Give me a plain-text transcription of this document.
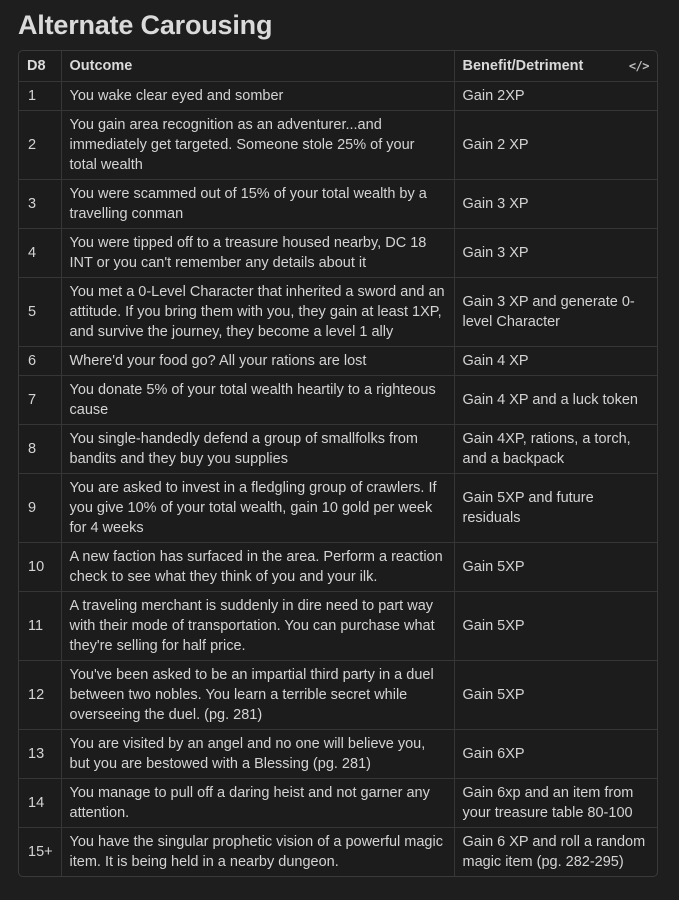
Alternate Carousing
D8	Outcome	Benefit/Detriment </>

1	You wake clear eyed and somber	Gain 2XP
2	You gain area recognition as an adventurer...and immediately get targeted. Someone stole 25% of your total wealth	Gain 2 XP
3	You were scammed out of 15% of your total wealth by a travelling conman	Gain 3 XP
4	You were tipped off to a treasure housed nearby, DC 18 INT or you can't remember any details about it	Gain 3 XP
5	You met a 0-Level Character that inherited a sword and an attitude. If you bring them with you, they gain at least 1XP, and survive the journey, they become a level 1 ally	Gain 3 XP and generate 0-level Character
6	Where'd your food go? All your rations are lost	Gain 4 XP
7	You donate 5% of your total wealth heartily to a righteous cause	Gain 4 XP and a luck token
8	You single-handedly defend a group of smallfolks from bandits and they buy you supplies	Gain 4XP, rations, a torch, and a backpack
9	You are asked to invest in a fledgling group of crawlers. If you give 10% of your total wealth, gain 10 gold per week for 4 weeks	Gain 5XP and future residuals
10	A new faction has surfaced in the area. Perform a reaction check to see what they think of you and your ilk.	Gain 5XP
11	A traveling merchant is suddenly in dire need to part way with their mode of transportation. You can purchase what they're selling for half price.	Gain 5XP
12	You've been asked to be an impartial third party in a duel between two nobles. You learn a terrible secret while overseeing the duel. (pg. 281)	Gain 5XP
13	You are visited by an angel and no one will believe you, but you are bestowed with a Blessing (pg. 281)	Gain 6XP
14	You manage to pull off a daring heist and not garner any attention.	Gain 6xp and an item from your treasure table 80-100
15+	You have the singular prophetic vision of a powerful magic item. It is being held in a nearby dungeon.	Gain 6 XP and roll a random magic item (pg. 282-295)
